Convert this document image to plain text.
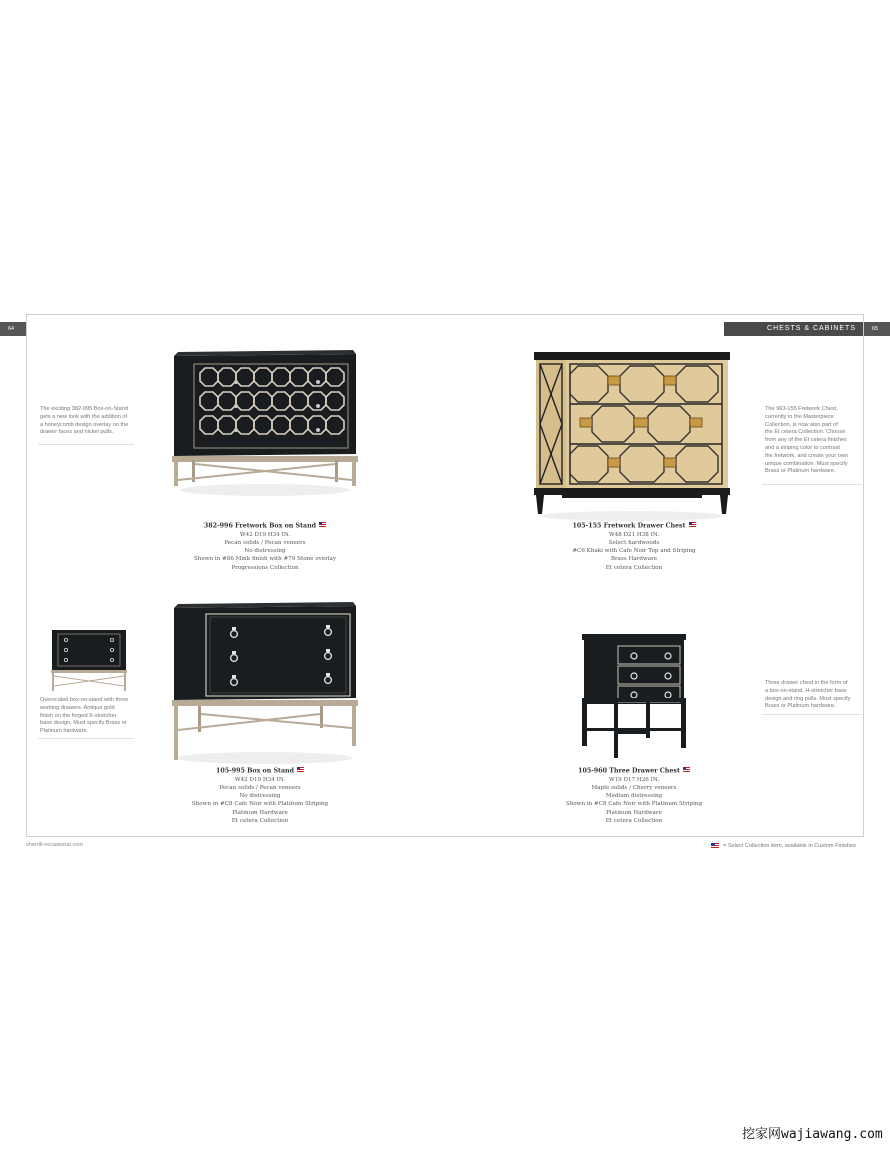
64	65
CHESTS & CABINETS
The exciting 382-995 Box-on-Stand
gets a new look with the addition of
a honeycomb design overlay on the
drawer faces and nickel pulls.
382-996 Fretwork Box on Stand
W42 D19 H34 IN.
Pecan solids / Pecan veneers
No distressing
Shown in #86 Mink finish with #79 Stone overlay
Progressions Collection
The 963-155 Fretwork Chest,
currently in the Masterpiece
Collection, is now also part of
the Et cetera Collection. Choose
from any of the Et cetera finishes
and a striping color to contrast
the fretwork, and create your own
unique combination. Must specify
Brass or Platinum hardware.
105-155 Fretwork Drawer Chest
W48 D21 H38 IN.
Select hardwoods
#C6 Khaki with Cafe Noir Top and Striping
Brass Hardware
Et cetera Collection
Overscaled box-on-stand with three
working drawers. Antique gold
finish on the forged X-stretcher
base design. Must specify Brass or
Platinum hardware.
105-995 Box on Stand
W42 D19 H34 IN.
Pecan solids / Pecan veneers
No distressing
Shown in #C8 Cafe Noir with Platinum Striping
Platinum Hardware
Et cetera Collection
Three drawer chest in the form of
a box-on-stand, H-stretcher base
design and ring pulls. Must specify
Brass or Platinum hardware.
105-960 Three Drawer Chest
W19 D17 H26 IN.
Maple solids / Cherry veneers
Medium distressing
Shown in #C8 Cafe Noir with Platinum Striping
Platinum Hardware
Et cetera Collection
sherrill-occasional.com	= Select Collection item, available in Custom Finishes
挖家网wajiawang.com
